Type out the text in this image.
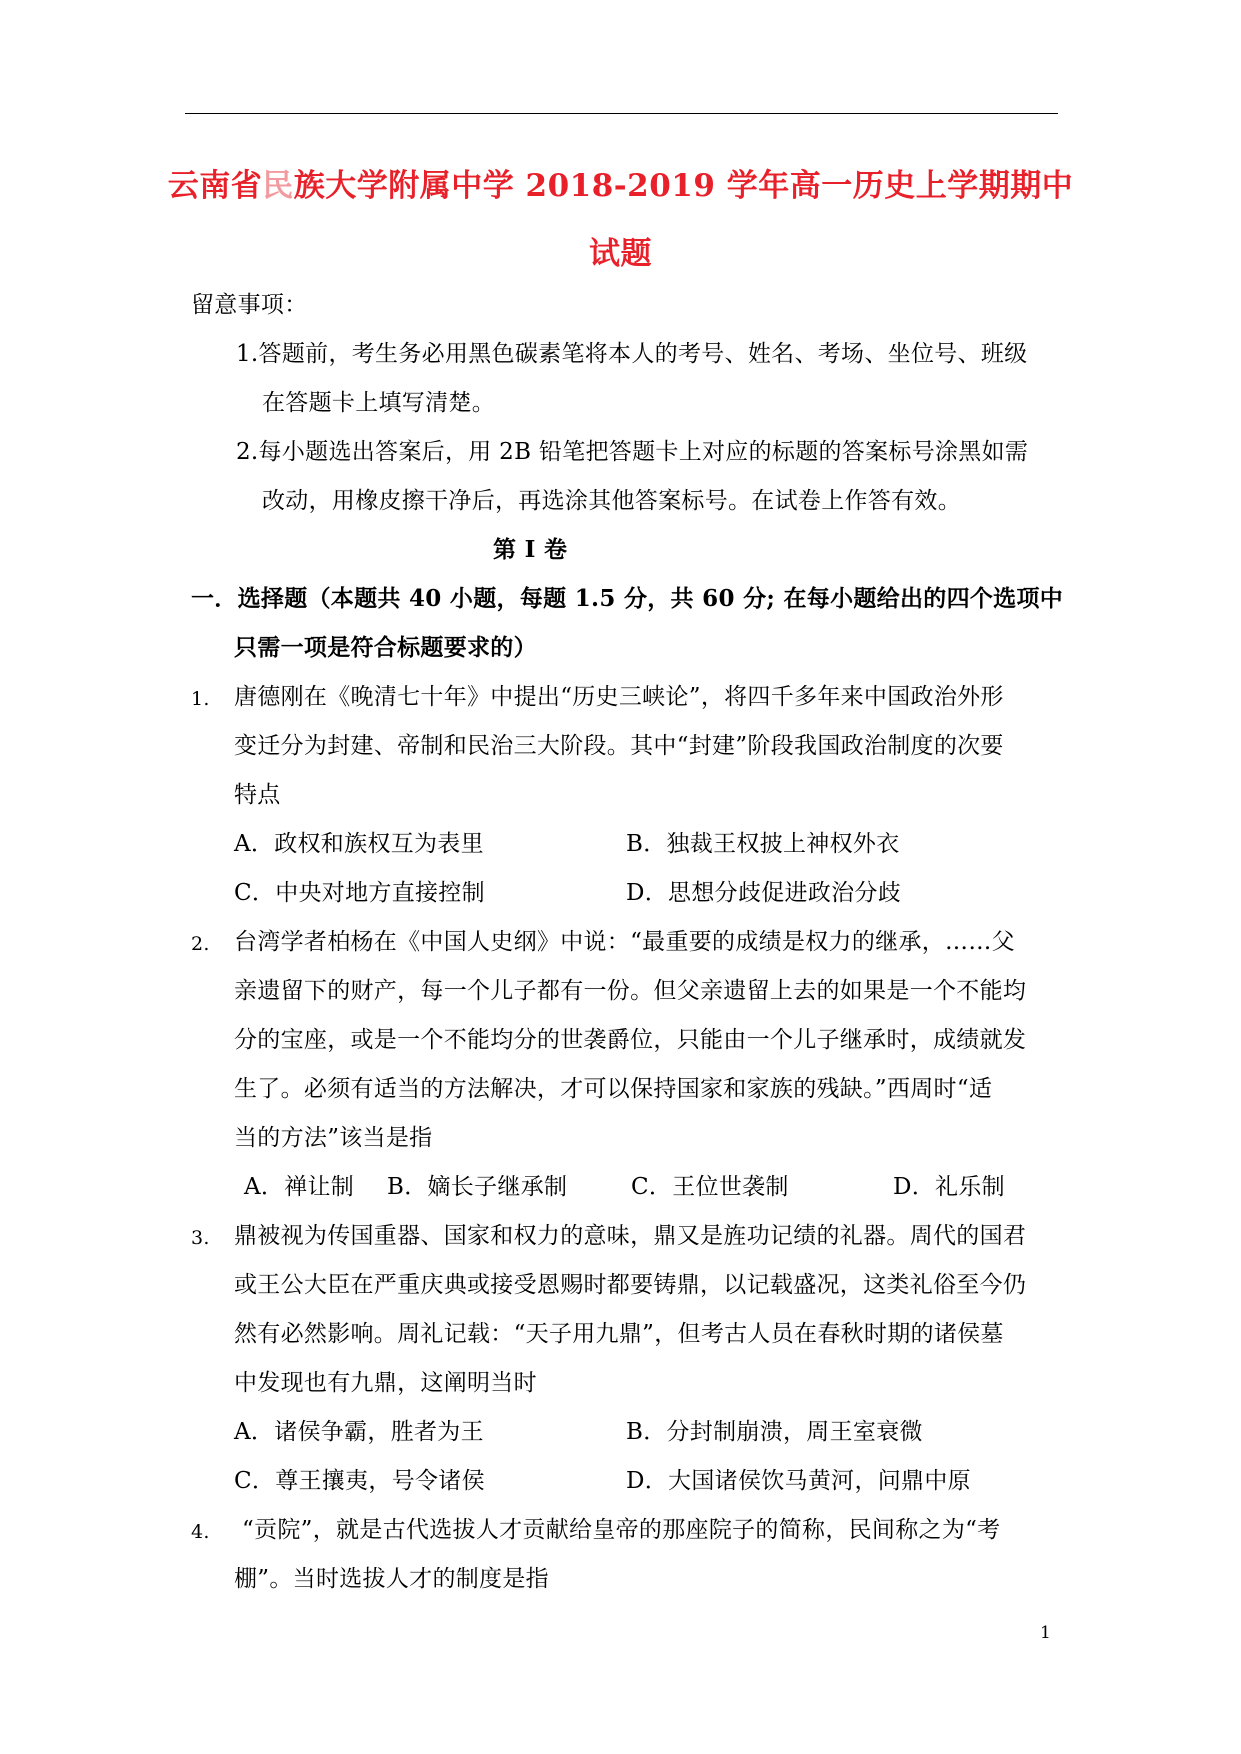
云南省民族大学附属中学 2018-2019 学年高一历史上学期期中
试题
留意事项：
1.答题前，考生务必用黑色碳素笔将本人的考号、姓名、考场、坐位号、班级
在答题卡上填写清楚。
2.每小题选出答案后，用 2B 铅笔把答题卡上对应的标题的答案标号涂黑如需
改动，用橡皮擦干净后，再选涂其他答案标号。在试卷上作答有效。
第 I 卷
一．选择题（本题共 40 小题，每题 1.5 分，共 60 分; 在每小题给出的四个选项中
只需一项是符合标题要求的）
1. 唐德刚在《晚清七十年》中提出“历史三峡论”，将四千多年来中国政治外形
变迁分为封建、帝制和民治三大阶段。其中“封建”阶段我国政治制度的次要
特点
A．政权和族权互为表里	B．独裁王权披上神权外衣
C．中央对地方直接控制	D．思想分歧促进政治分歧
2. 台湾学者柏杨在《中国人史纲》中说：“最重要的成绩是权力的继承，……父
亲遗留下的财产，每一个儿子都有一份。但父亲遗留上去的如果是一个不能均
分的宝座，或是一个不能均分的世袭爵位，只能由一个儿子继承时，成绩就发
生了。必须有适当的方法解决，才可以保持国家和家族的残缺。”西周时“适
当的方法”该当是指
A．禅让制 B．嫡长子继承制	C．王位世袭制	D．礼乐制
3. 鼎被视为传国重器、国家和权力的意味，鼎又是旌功记绩的礼器。周代的国君
或王公大臣在严重庆典或接受恩赐时都要铸鼎，以记载盛况，这类礼俗至今仍
然有必然影响。周礼记载：“天子用九鼎”，但考古人员在春秋时期的诸侯墓
中发现也有九鼎，这阐明当时
A．诸侯争霸，胜者为王	B．分封制崩溃，周王室衰微
C．尊王攘夷，号令诸侯	D．大国诸侯饮马黄河，问鼎中原
4. “贡院”，就是古代选拔人才贡献给皇帝的那座院子的简称，民间称之为“考
棚”。当时选拔人才的制度是指
1
